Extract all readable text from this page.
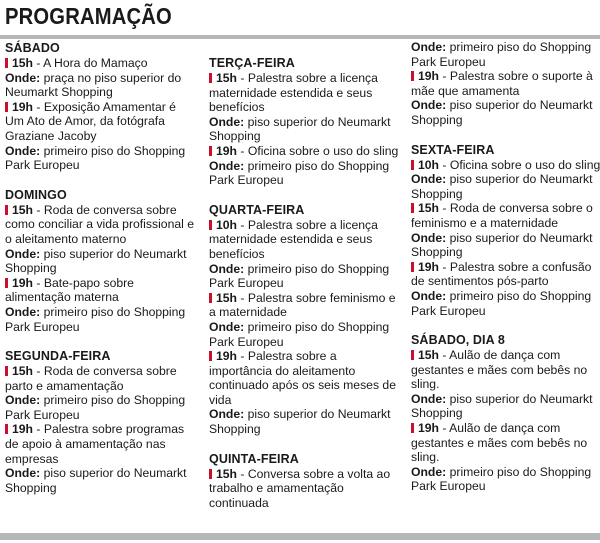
PROGRAMAÇÃO
SÁBADO
15h - A Hora do Mamaço
Onde: praça no piso superior do Neumarkt Shopping
19h - Exposição Amamentar é Um Ato de Amor, da fotógrafa Graziane Jacoby
Onde: primeiro piso do Shopping Park Europeu
DOMINGO
15h - Roda de conversa sobre como conciliar a vida profissional e o aleitamento materno
Onde: piso superior do Neumarkt Shopping
19h - Bate-papo sobre alimentação materna
Onde: primeiro piso do Shopping Park Europeu
SEGUNDA-FEIRA
15h - Roda de conversa sobre parto e amamentação
Onde: primeiro piso do Shopping Park Europeu
19h - Palestra sobre programas de apoio à amamentação nas empresas
Onde: piso superior do Neumarkt Shopping
TERÇA-FEIRA
15h - Palestra sobre a licença maternidade estendida e seus benefícios
Onde: piso superior do Neumarkt Shopping
19h - Oficina sobre o uso do sling
Onde: primeiro piso do Shopping Park Europeu
QUARTA-FEIRA
10h - Palestra sobre a licença maternidade estendida e seus benefícios
Onde: primeiro piso do Shopping Park Europeu
15h - Palestra sobre feminismo e a maternidade
Onde: primeiro piso do Shopping Park Europeu
19h - Palestra sobre a importância do aleitamento continuado após os seis meses de vida
Onde: piso superior do Neumarkt Shopping
QUINTA-FEIRA
15h - Conversa sobre a volta ao trabalho e amamentação continuada
Onde: primeiro piso do Shopping Park Europeu
19h - Palestra sobre o suporte à mãe que amamenta
Onde: piso superior do Neumarkt Shopping
SEXTA-FEIRA
10h - Oficina sobre o uso do sling
Onde: piso superior do Neumarkt Shopping
15h - Roda de conversa sobre o feminismo e a maternidade
Onde: piso superior do Neumarkt Shopping
19h - Palestra sobre a confusão de sentimentos pós-parto
Onde: primeiro piso do Shopping Park Europeu
SÁBADO, DIA 8
15h - Aulão de dança com gestantes e mães com bebês no sling.
Onde: piso superior do Neumarkt Shopping
19h - Aulão de dança com gestantes e mães com bebês no sling.
Onde: primeiro piso do Shopping Park Europeu
